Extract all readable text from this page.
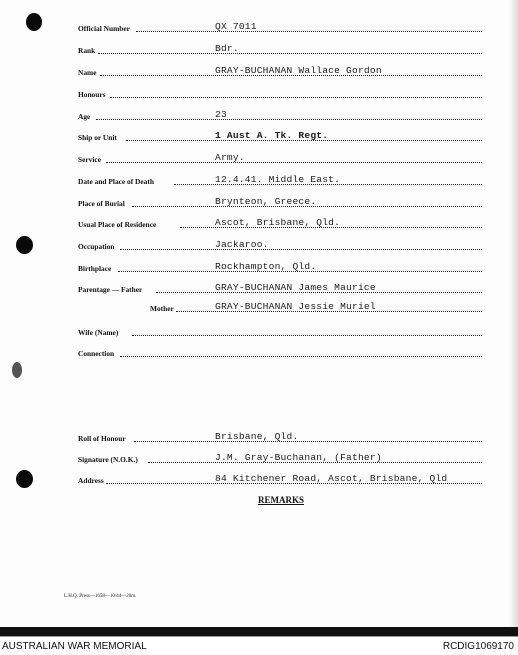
Official Number	QX 7011
Rank	Bdr.
Name	GRAY-BUCHANAN Wallace Gordon
Honours
Age	23
Ship or Unit	1 Aust A. Tk. Regt.
Service	Army.
Date and Place of Death	12.4.41. Middle East.
Place of Burial	Brynteon, Greece.
Usual Place of Residence	Ascot, Brisbane, Qld.
Occupation	Jackaroo.
Birthplace	Rockhampton, Qld.
Parentage — Father	GRAY-BUCHANAN James Maurice
Mother	GRAY-BUCHANAN Jessie Muriel
Wife (Name)
Connection
Roll of Honour	Brisbane, Qld.
Signature (N.O.K.)	J.M. Gray-Buchanan, (Father)
Address	84 Kitchener Road, Ascot, Brisbane, Qld
REMARKS
L.H.Q. Press—1658—10/44—20m.
AUSTRALIAN WAR MEMORIAL	RCDIG1069170
